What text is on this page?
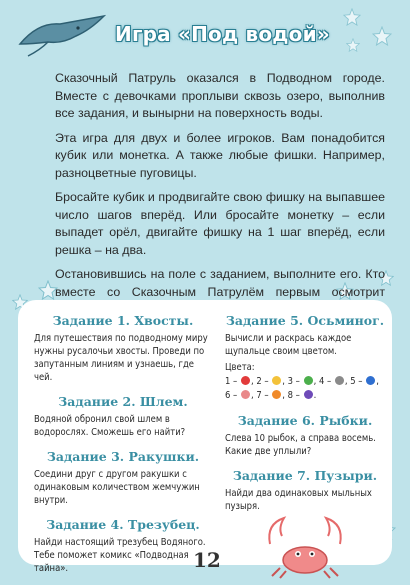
Игра «Под водой»

Сказочный Патруль оказался в Подводном городе. Вместе с девочками проплыви сквозь озеро, выполнив все задания, и вынырни на поверхность воды.

Эта игра для двух и более игроков. Вам понадобится кубик или монетка. А также любые фишки. Например, разноцветные пуговицы.

Бросайте кубик и продвигайте свою фишку на выпавшее число шагов вперёд. Или бросайте монетку – если выпадет орёл, двигайте фишку на 1 шаг вперёд, если решка – на два.

Остановившись на поле с заданием, выполните его. Кто вместе со Сказочным Патрулём первым осмотрит

Задание 1. Хвосты.
Для путешествия по подводному миру нужны русалочьи хвосты. Проведи по запутанным линиям и узнаешь, где чей.
Задание 2. Шлем.
Водяной обронил свой шлем в водорослях. Сможешь его найти?
Задание 3. Ракушки.
Соедини друг с другом ракушки с одинаковым количеством жемчужин внутри.
Задание 4. Трезубец.
Найди настоящий трезубец Водяного. Тебе поможет комикс «Подводная тайна».
Задание 5. Осьминог.
Вычисли и раскрась каждое щупальце своим цветом.
Цвета:
1 – , 2 – , 3 – , 4 – , 5 – ,
6 – , 7 – , 8 – .
Задание 6. Рыбки.
Слева 10 рыбок, а справа восемь. Какие две уплыли?
Задание 7. Пузыри.
Найди два одинаковых мыльных пузыря.
12
